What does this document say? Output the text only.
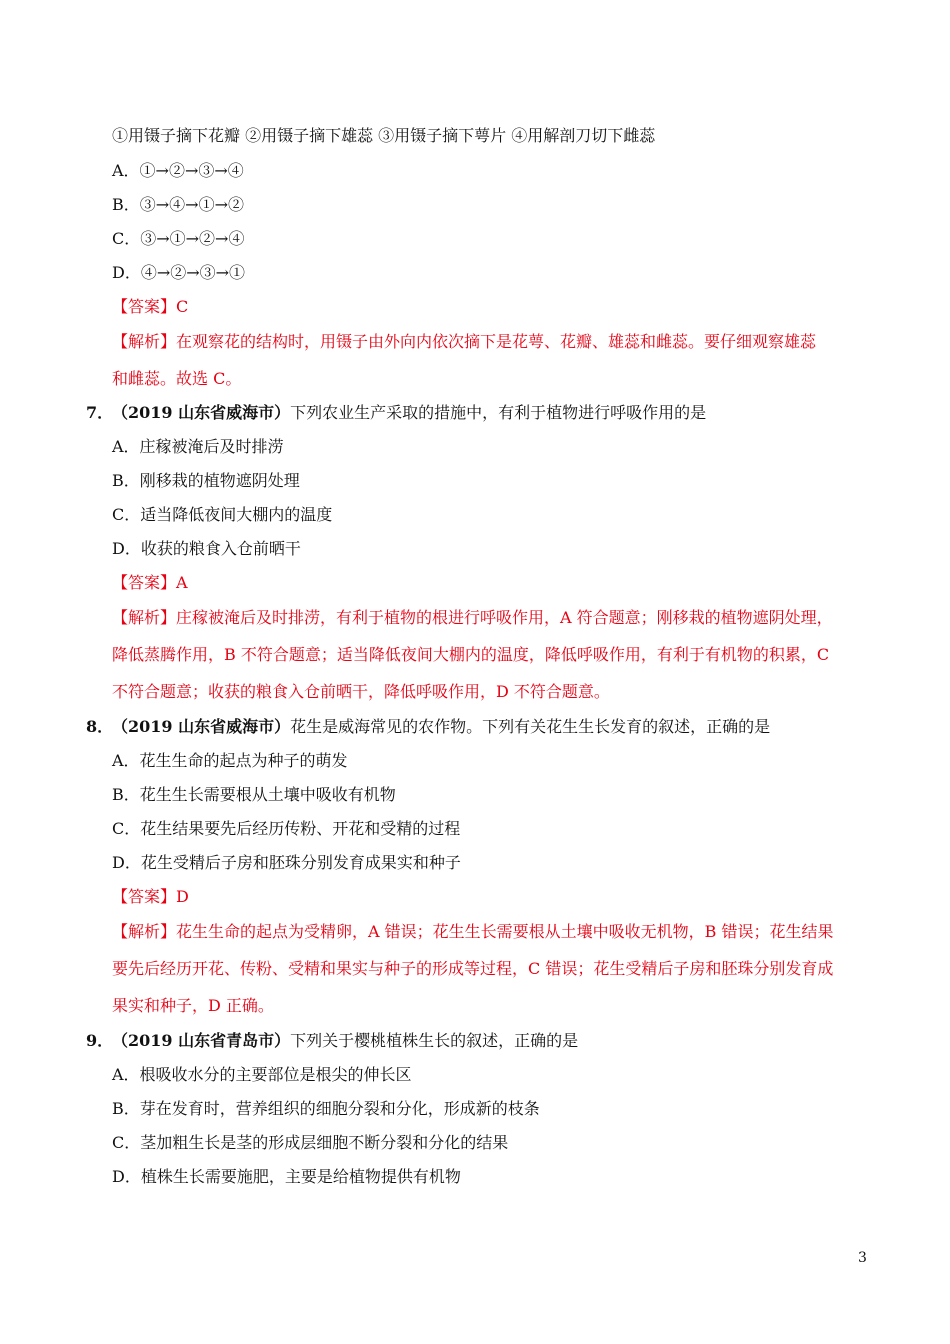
①用镊子摘下花瓣 ②用镊子摘下雄蕊 ③用镊子摘下萼片 ④用解剖刀切下雌蕊
A．①→②→③→④
B．③→④→①→②
C．③→①→②→④
D．④→②→③→①
【答案】C
【解析】在观察花的结构时，用镊子由外向内依次摘下是花萼、花瓣、雄蕊和雌蕊。要仔细观察雄蕊
和雌蕊。故选 C。
7．（2019 山东省威海市）下列农业生产采取的措施中，有利于植物进行呼吸作用的是
A．庄稼被淹后及时排涝
B．刚移栽的植物遮阴处理
C．适当降低夜间大棚内的温度
D．收获的粮食入仓前晒干
【答案】A
【解析】庄稼被淹后及时排涝，有利于植物的根进行呼吸作用，A 符合题意；刚移栽的植物遮阴处理，
降低蒸腾作用，B 不符合题意；适当降低夜间大棚内的温度，降低呼吸作用，有利于有机物的积累，C
不符合题意；收获的粮食入仓前晒干，降低呼吸作用，D 不符合题意。
8．（2019 山东省威海市）花生是威海常见的农作物。下列有关花生生长发育的叙述，正确的是
A．花生生命的起点为种子的萌发
B．花生生长需要根从土壤中吸收有机物
C．花生结果要先后经历传粉、开花和受精的过程
D．花生受精后子房和胚珠分别发育成果实和种子
【答案】D
【解析】花生生命的起点为受精卵，A 错误；花生生长需要根从土壤中吸收无机物，B 错误；花生结果
要先后经历开花、传粉、受精和果实与种子的形成等过程，C 错误；花生受精后子房和胚珠分别发育成
果实和种子，D 正确。
9．（2019 山东省青岛市）下列关于樱桃植株生长的叙述，正确的是
A．根吸收水分的主要部位是根尖的伸长区
B．芽在发育时，营养组织的细胞分裂和分化，形成新的枝条
C．茎加粗生长是茎的形成层细胞不断分裂和分化的结果
D．植株生长需要施肥，主要是给植物提供有机物
3
